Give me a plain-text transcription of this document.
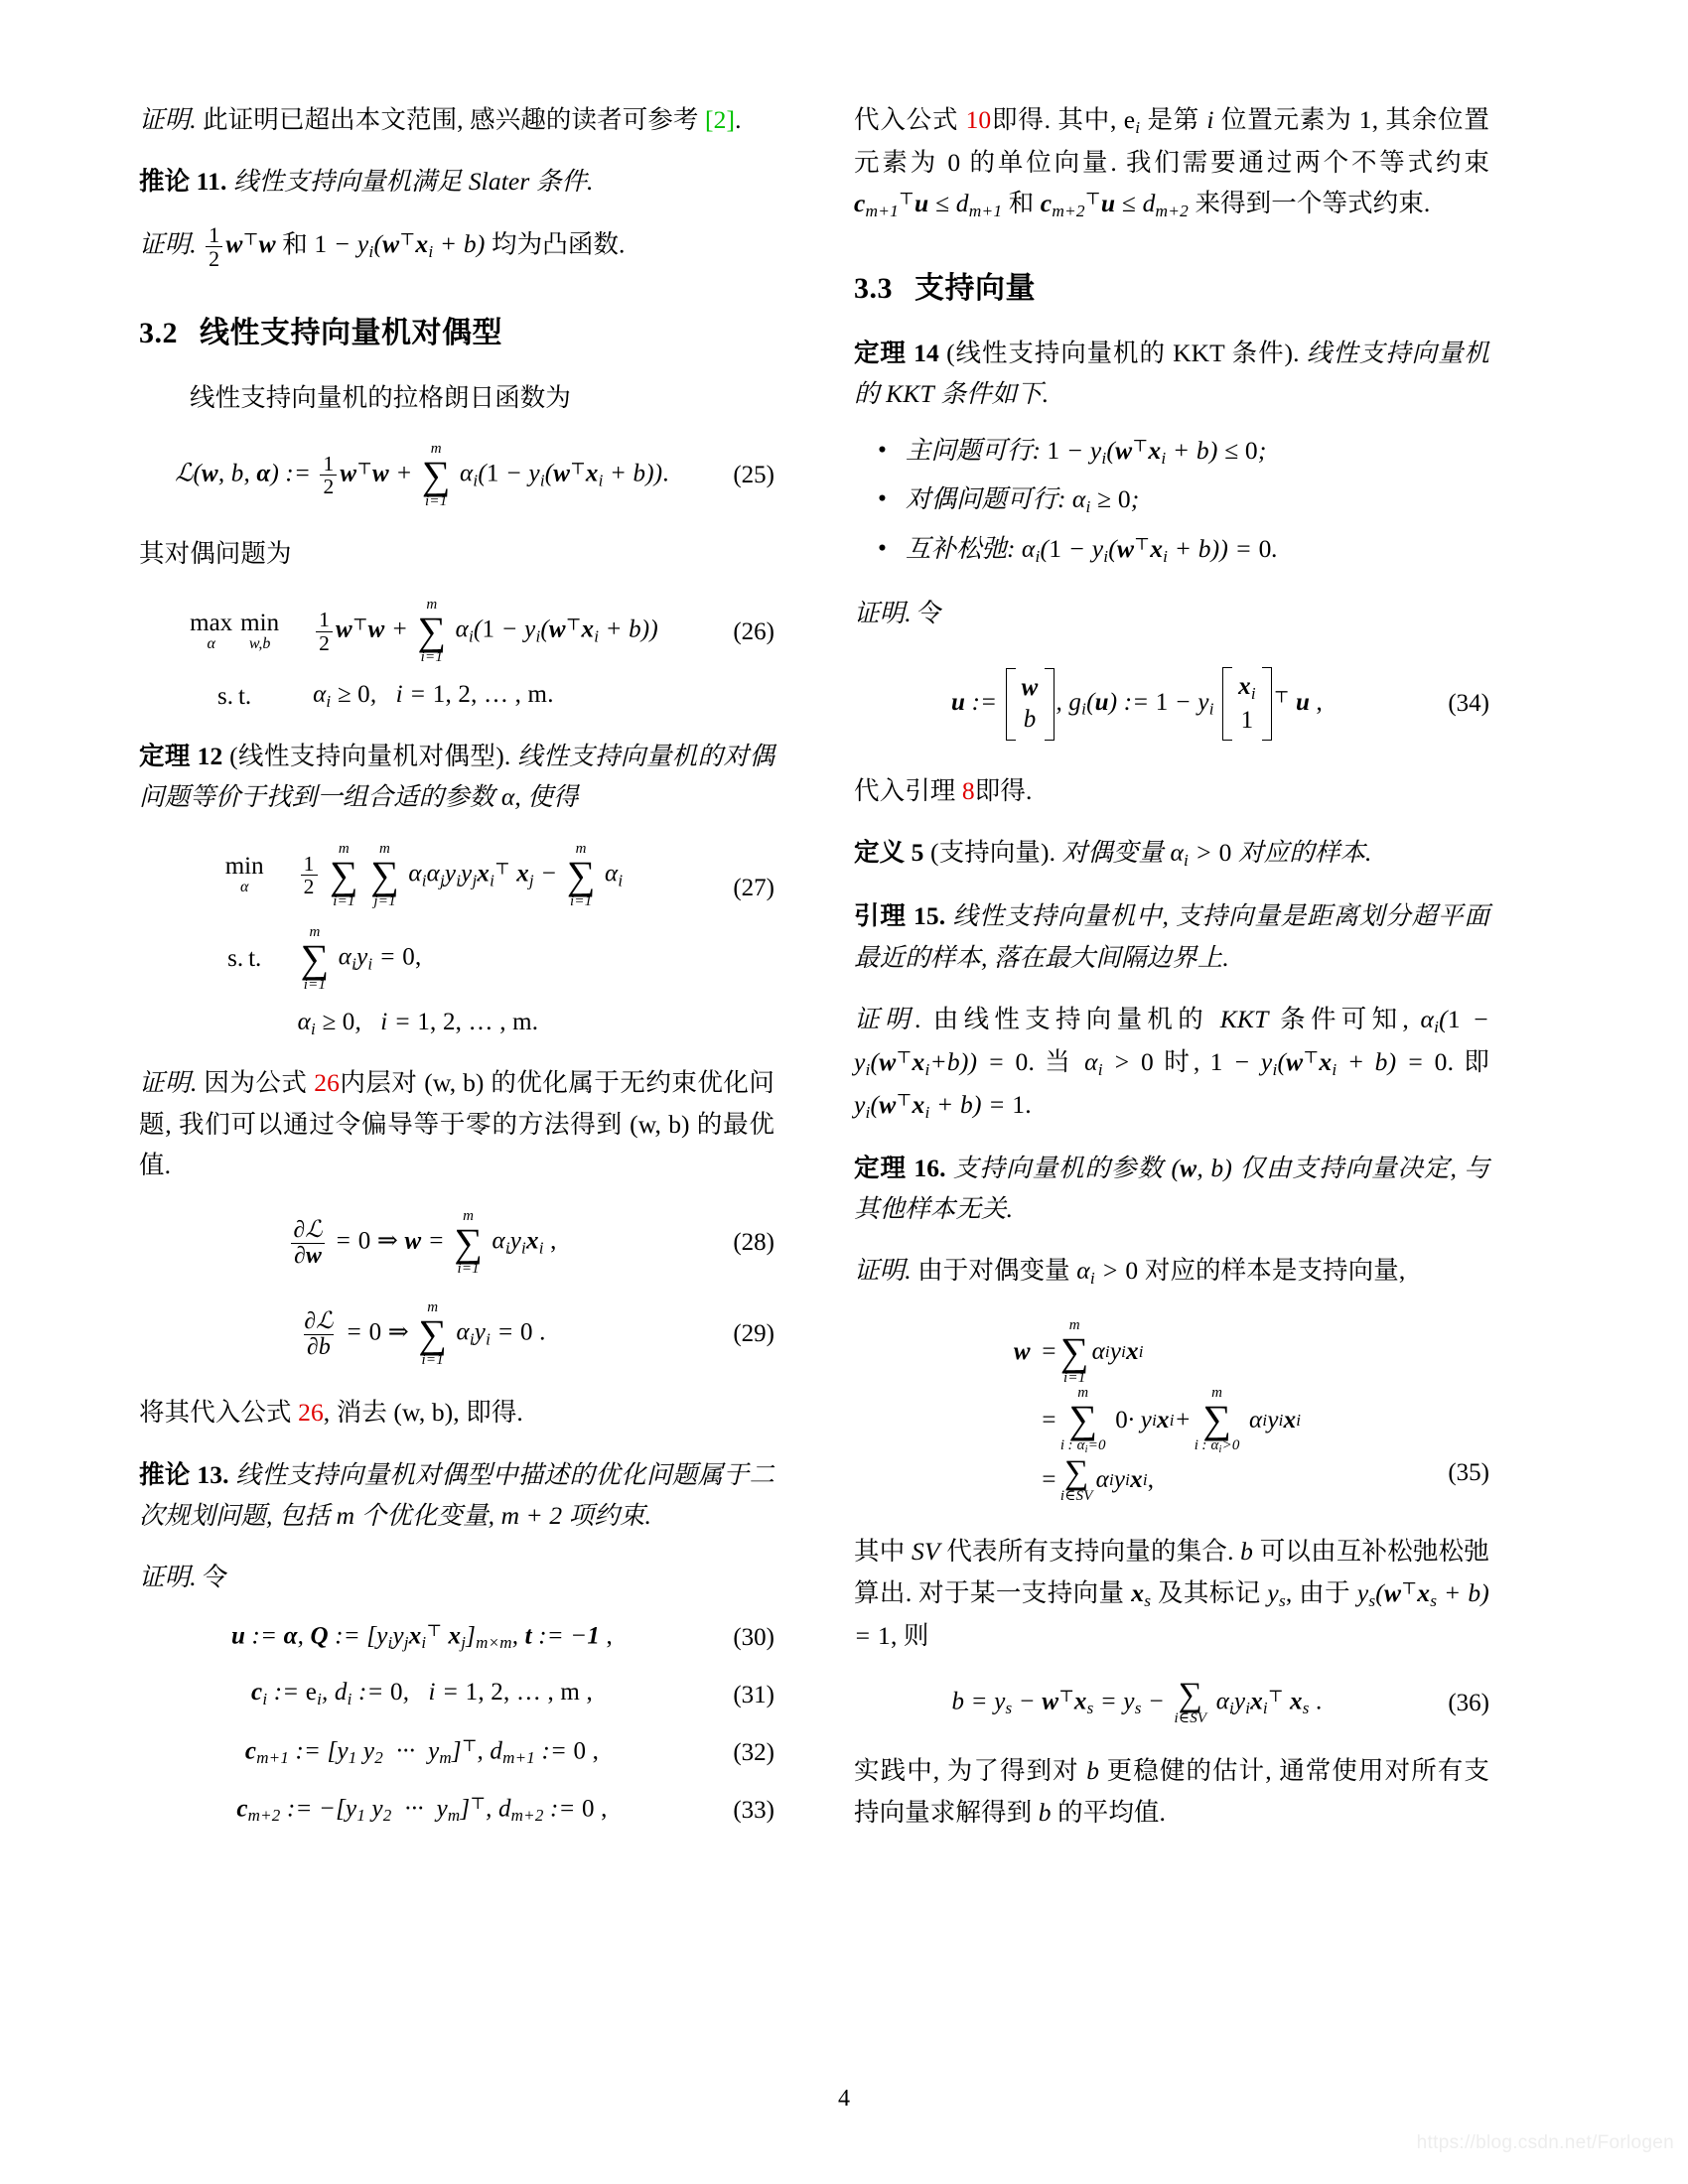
证明. 此证明已超出本文范围, 感兴趣的读者可参考 [2].

推论 11. 线性支持向量机满足 Slater 条件.

证明. $\frac{1}{2} w^⊤w$ 和 $1 - y_i(w^⊤x_i + b)$ 均为凸函数.

3.2 线性支持向量机对偶型

线性支持向量机的拉格朗日函数为

ℒ(w, b, α) := $\frac{1}{2} w^⊤w$ +
m
∑
i=1
$\alpha_i(1 - y_i(w^⊤x_i + b))$.	(25)

其对偶问题为

max
α
min
$w,b \frac{1}{2} w^⊤w$ +
m
∑
i=1
$\alpha_i(1 - y_i(w^⊤x_i + b))$
s. t. $\alpha_i \ge 0$,   i = 1, 2, … , m.
(26)

定理 12 (线性支持向量机对偶型). 线性支持向量机的对偶问题等价于找到一组合适的参数 α, 使得

min
α $\frac{1}{2}$

m
∑
i=1

m
∑
j=1
$\alpha_i\alpha_jy_iy_jx_i^⊤$ $x_j$ −
m
∑
i=1
$\alpha_i$
s. t.
m
∑
i=1
$\alpha_iy_i = 0$,
$\alpha_i \ge 0$,   i = 1, 2, … , m.
(27)

证明. 因为公式 26内层对 (w, b) 的优化属于无约束优化问题, 我们可以通过令偏导等于零的方法得到 (w, b) 的最优值.

$\frac{\text{∂ℒ}}{\partial w} = 0$ ⇒ w =
m
∑
i=1
$\alpha_iy_ix_i$ ,	(28)
$\frac{\text{∂ℒ}}{\partial b} = 0$ ⇒
m
∑
i=1
$\alpha_iy_i = 0$ .	(29)

将其代入公式 26, 消去 (w, b), 即得.

推论 13. 线性支持向量机对偶型中描述的优化问题属于二次规划问题, 包括 m 个优化变量, m + 2 项约束.

证明. 令

u := α, Q := [$y_iy_jx_i^⊤$ $x_j]_{m\times m}$, t := −1 ,	(30)
$c_i$ := $e_i$, $d_i$ := 0,   i = 1, 2, … , m ,	(31)
$c_{m+1}$ := [$y_1$ $y_2$  ···  $y_m]^⊤$, $d_{m+1}$ := 0 ,	(32)
$c_{m+2}$ := $-[y_1$ $y_2$  ···  $y_m]^⊤$, $d_{m+2}$ := 0 ,	(33)

代入公式 10即得. 其中, $e_i$ 是第 i 位置元素为 1, 其余位置元素为 0 的单位向量. 我们需要通过两个不等式约束 $c_{m+1}^⊤u \le d_{m+1}$ 和 $c_{m+2}^⊤u \le d_{m+2}$ 来得到一个等式约束.

3.3 支持向量

定理 14 (线性支持向量机的 KKT 条件). 线性支持向量机的 KKT 条件如下.

• 主问题可行: $1 - y_i(w^⊤x_i + b) \le 0$;
• 对偶问题可行: $\alpha_i \ge 0$;
• 互补松弛: $\alpha_i(1 - y_i(w^⊤x_i + b)) = 0$.

证明. 令

u :=
w
b
, $g_i(u)$ := $1 - y_i$
$x_i$
1
⊤ u ,	(34)

代入引理 8即得.

定义 5 (支持向量). 对偶变量 $\alpha_i > 0$ 对应的样本.

引理 15. 线性支持向量机中, 支持向量是距离划分超平面最近的样本, 落在最大间隔边界上.

证明. 由线性支持向量机的 KKT 条件可知, $\alpha_i(1 - y_i(w^⊤x_i+b)) = 0$. 当 $\alpha_i > 0$ 时, $1 - y_i(w^⊤x_i + b) = 0$. 即 $y_i(w^⊤x_i + b) = 1$.

定理 16. 支持向量机的参数 (w, b) 仅由支持向量决定, 与其他样本无关.

证明. 由于对偶变量 $\alpha_i > 0$ 对应的样本是支持向量,

w =
m
∑
i=1
α i y i x i
=
m
∑
i : $\alpha_i=0$

0 · y i x i +
m
∑
i : $\alpha_i>0$
α i y i x i
= ∑
i∈SV
α i y i x i ,	(35)

其中 SV 代表所有支持向量的集合. b 可以由互补松弛松弛算出. 对于某一支持向量 $x_s$ 及其标记 $y_s$, 由于 $y_s(w^⊤x_s + b) = 1$, 则

$b = y_s - w^⊤x_s = y_s$ − ∑
i∈SV
$\alpha_iy_ix_i^⊤$ $x_s$ .	(36)

实践中, 为了得到对 b 更稳健的估计, 通常使用对所有支持向量求解得到 b 的平均值.

4
https://blog.csdn.net/Forlogen
